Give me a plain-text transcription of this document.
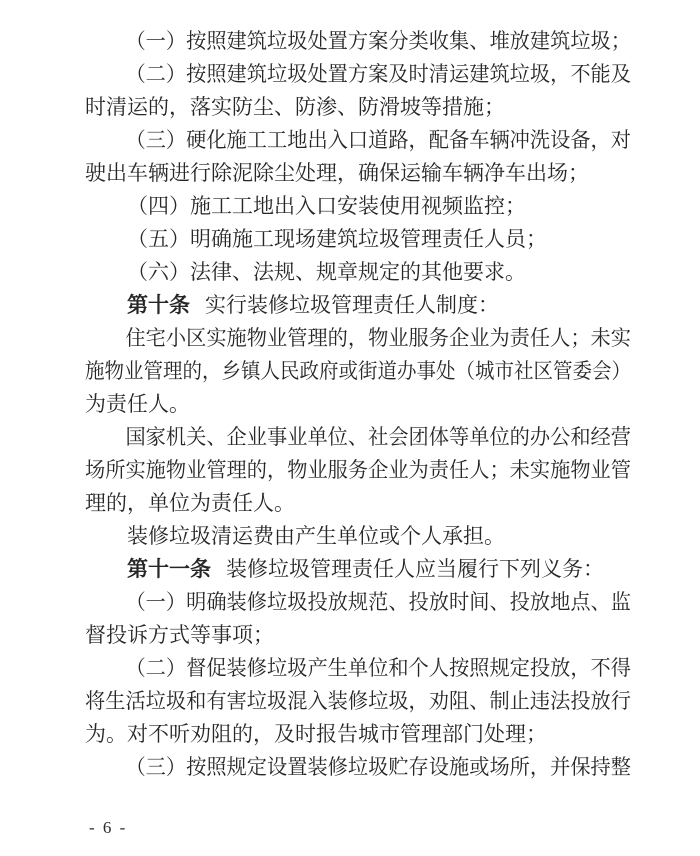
（一）按照建筑垃圾处置方案分类收集、堆放建筑垃圾；
（二）按照建筑垃圾处置方案及时清运建筑垃圾，不能及
时清运的，落实防尘、防渗、防滑坡等措施；
（三）硬化施工工地出入口道路，配备车辆冲洗设备，对
驶出车辆进行除泥除尘处理，确保运输车辆净车出场；
（四）施工工地出入口安装使用视频监控；
（五）明确施工现场建筑垃圾管理责任人员；
（六）法律、法规、规章规定的其他要求。
第十条 实行装修垃圾管理责任人制度：
住宅小区实施物业管理的，物业服务企业为责任人；未实
施物业管理的，乡镇人民政府或街道办事处（城市社区管委会）
为责任人。
国家机关、企业事业单位、社会团体等单位的办公和经营
场所实施物业管理的，物业服务企业为责任人；未实施物业管
理的，单位为责任人。
装修垃圾清运费由产生单位或个人承担。
第十一条 装修垃圾管理责任人应当履行下列义务：
（一）明确装修垃圾投放规范、投放时间、投放地点、监
督投诉方式等事项；
（二）督促装修垃圾产生单位和个人按照规定投放，不得
将生活垃圾和有害垃圾混入装修垃圾，劝阻、制止违法投放行
为。对不听劝阻的，及时报告城市管理部门处理；
（三）按照规定设置装修垃圾贮存设施或场所，并保持整
- 6 -
